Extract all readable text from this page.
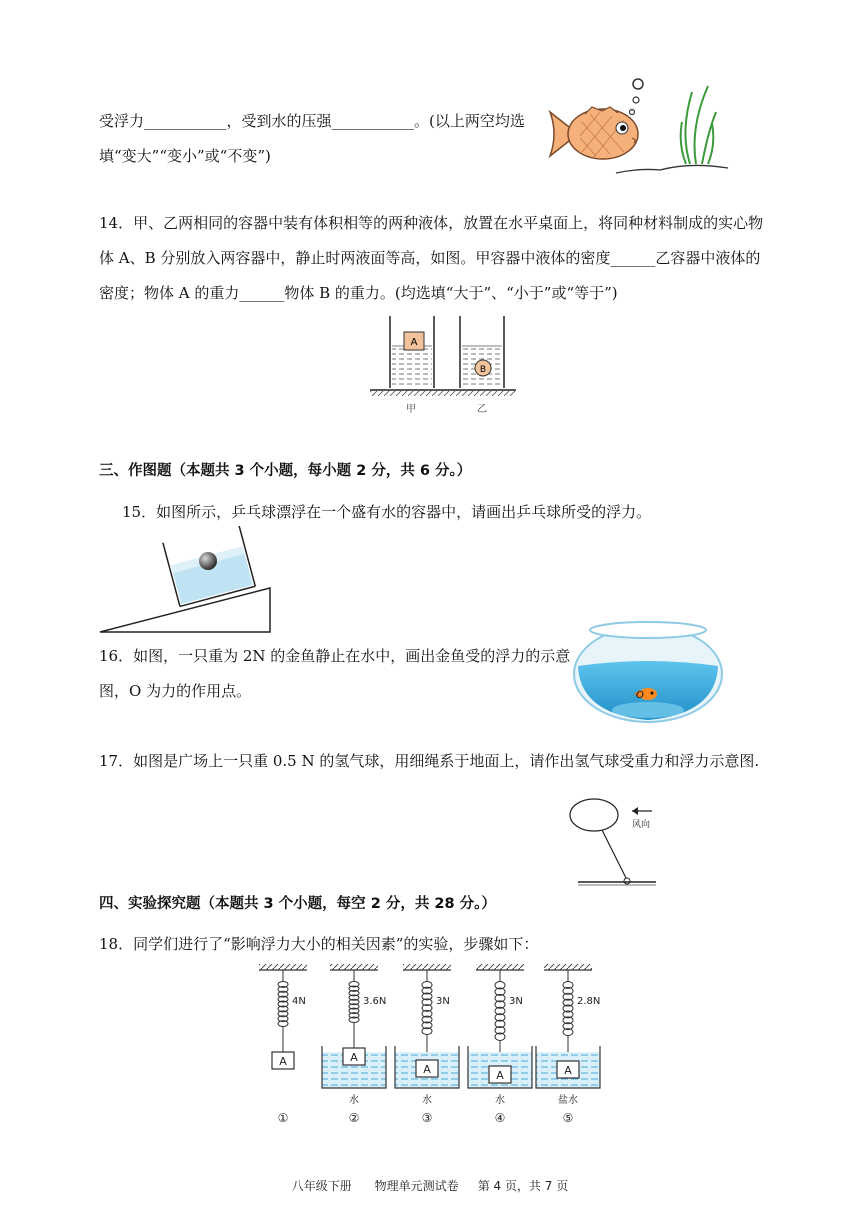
受浮力___________，受到水的压强___________。(以上两空均选
填“变大”“变小”或“不变”)
14．甲、乙两相同的容器中装有体积相等的两种液体，放置在水平桌面上，将同种材料制成的实心物
体 A、B 分别放入两容器中，静止时两液面等高，如图。甲容器中液体的密度______乙容器中液体的
密度；物体 A 的重力______物体 B 的重力。(均选填“大于”、“小于”或“等于”)
A
B
甲	乙
三、作图题（本题共 3 个小题，每小题 2 分，共 6 分。）
15．如图所示，乒乓球漂浮在一个盛有水的容器中，请画出乒乓球所受的浮力。
16．如图，一只重为 2N 的金鱼静止在水中，画出金鱼受的浮力的示意
图，O 为力的作用点。	O
17．如图是广场上一只重 0.5 N 的氢气球，用细绳系于地面上，请作出氢气球受重力和浮力示意图.
风向
四、实验探究题（本题共 3 个小题，每空 2 分，共 28 分。）
18．同学们进行了“影响浮力大小的相关因素”的实验，步骤如下：
4N
A
①
3.6N
A
水
②
3N
A
水
③
3N
A
水
④
2.8N
A
盐水
⑤
八年级下册      物理单元测试卷     第 4 页，共 7 页
